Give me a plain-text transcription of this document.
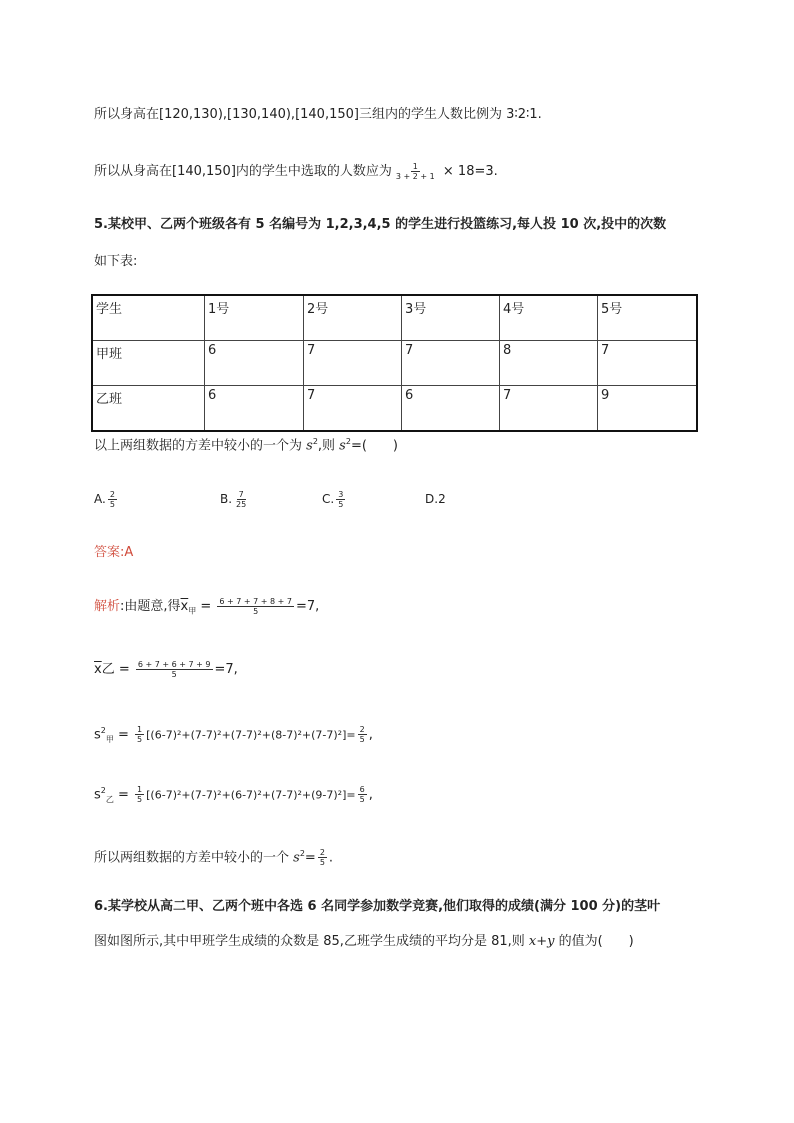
所以身高在[120,130),[130,140),[140,150]三组内的学生人数比例为 3∶2∶1.
所以从身高在[140,150]内的学生中选取的人数应为 $\frac{1}{3 + 2 + 1} \times 18=3$.
5.某校甲、乙两个班级各有 5 名编号为 1,2,3,4,5 的学生进行投篮练习,每人投 10 次,投中的次数
如下表:
学生	1号	2号	3号	4号	5号
甲班	6	7	7	8	7
乙班	6	7	6	7	9
以上两组数据的方差中较小的一个为 $s^2$,则 $s^2=$(　　)
A. $\frac{2}{5}$	B. $\frac{7}{25}$	C. $\frac{3}{5}$	D.2
答案:A
解析:由题意,得$\overline{x}_甲 = \frac{6 + 7 + 7 + 8 + 7}{5} =7$,
$\overline{x}$乙 = $\frac{6 + 7 + 6 + 7 + 9}{5} =7$,
$s^2_甲 = \frac{1}{5} [(6-7)^2+(7-7)^2+(7-7)^2+(8-7)^2+(7-7)^2]= \frac{2}{5}$ ,
$s^2_乙 = \frac{1}{5} [(6-7)^2+(7-7)^2+(6-7)^2+(7-7)^2+(9-7)^2]= \frac{6}{5}$ ,
所以两组数据的方差中较小的一个 $s^2= \frac{2}{5}$ .
6.某学校从高二甲、乙两个班中各选 6 名同学参加数学竞赛,他们取得的成绩(满分 100 分)的茎叶
图如图所示,其中甲班学生成绩的众数是 85,乙班学生成绩的平均分是 81,则 x+y 的值为(　　)
